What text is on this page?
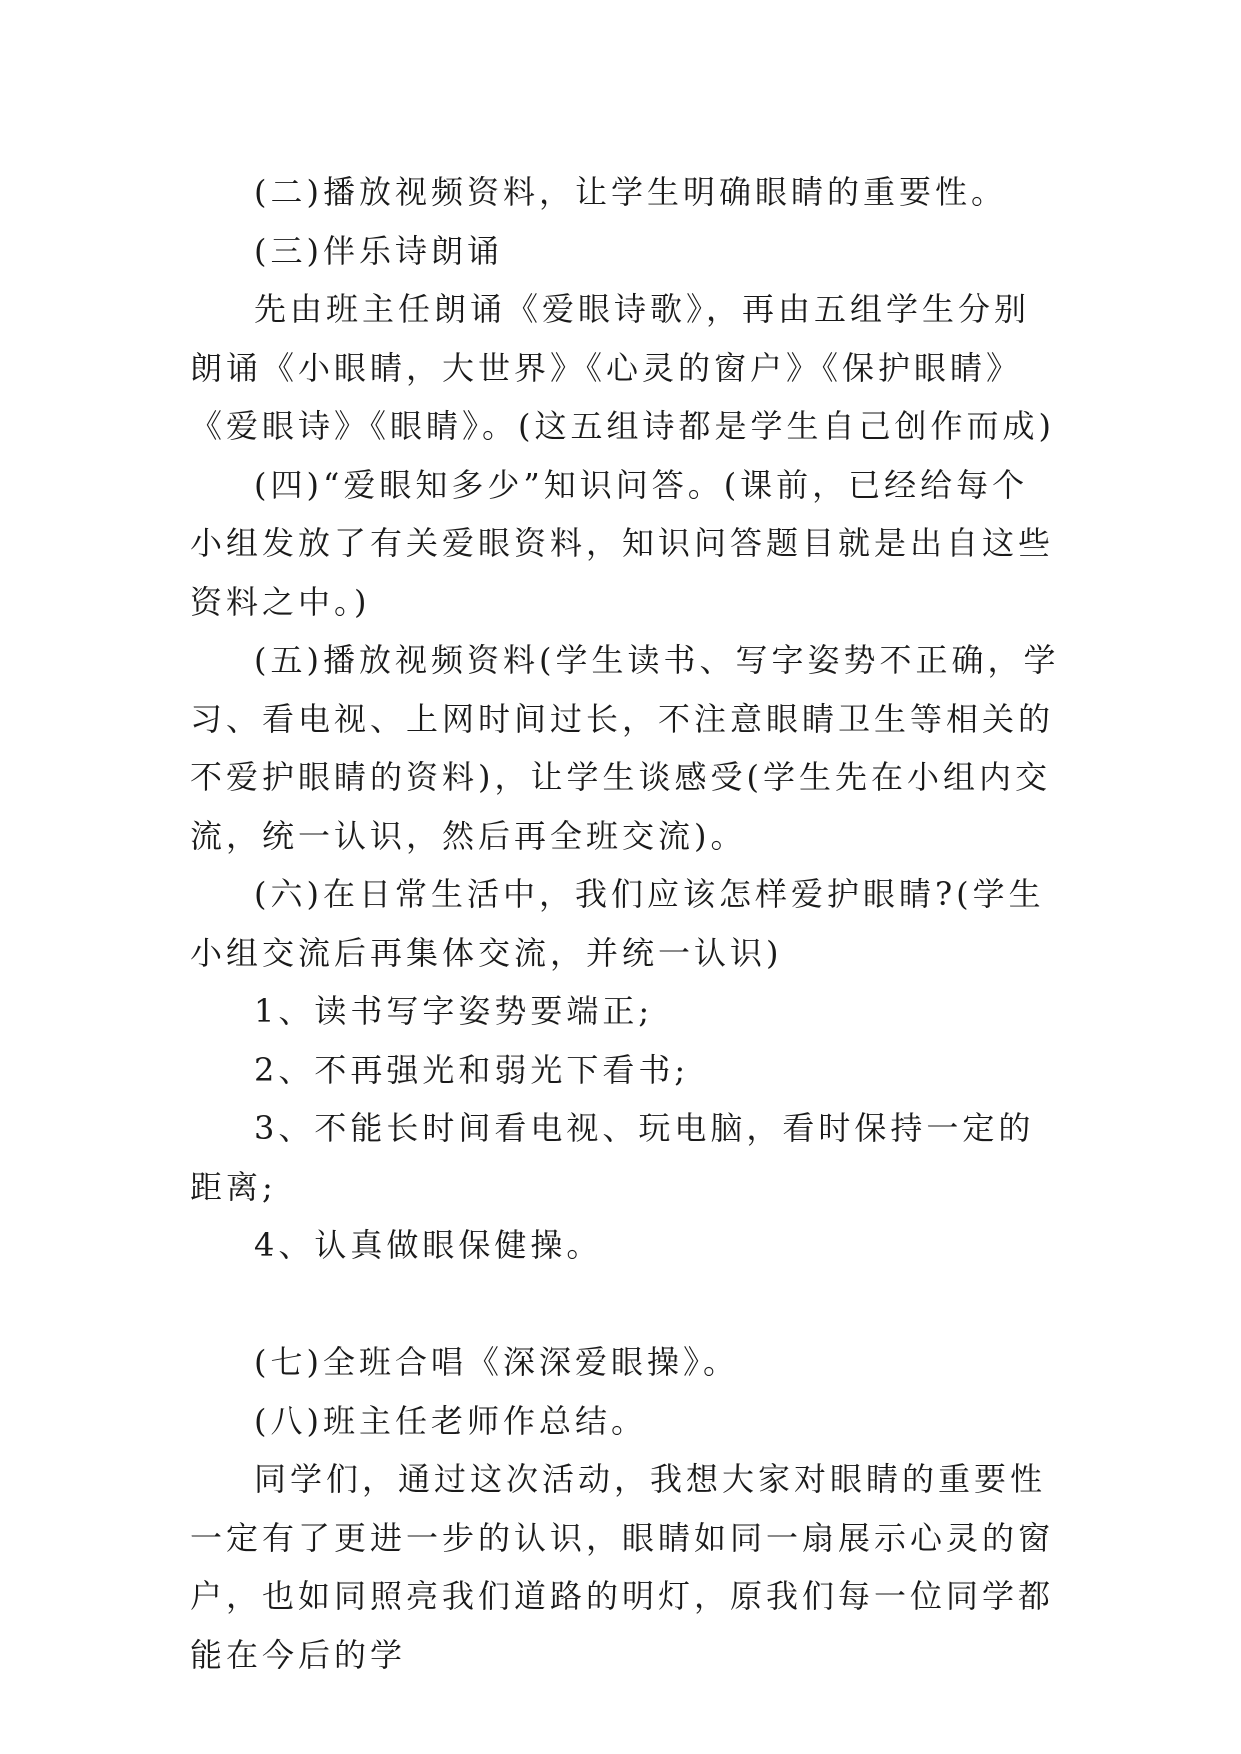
(二)播放视频资料，让学生明确眼睛的重要性。

(三)伴乐诗朗诵

先由班主任朗诵《爱眼诗歌》，再由五组学生分别朗诵《小眼睛，大世界》《心灵的窗户》《保护眼睛》《爱眼诗》《眼睛》。(这五组诗都是学生自己创作而成)

(四)“爱眼知多少”知识问答。(课前，已经给每个小组发放了有关爱眼资料，知识问答题目就是出自这些资料之中。)

(五)播放视频资料(学生读书、写字姿势不正确，学习、看电视、上网时间过长，不注意眼睛卫生等相关的不爱护眼睛的资料)，让学生谈感受(学生先在小组内交流，统一认识，然后再全班交流)。

(六)在日常生活中，我们应该怎样爱护眼睛?(学生小组交流后再集体交流，并统一认识)

1、读书写字姿势要端正;

2、不再强光和弱光下看书;

3、不能长时间看电视、玩电脑，看时保持一定的距离;

4、认真做眼保健操。

(七)全班合唱《深深爱眼操》。

(八)班主任老师作总结。

同学们，通过这次活动，我想大家对眼睛的重要性一定有了更进一步的认识，眼睛如同一扇展示心灵的窗户，也如同照亮我们道路的明灯，原我们每一位同学都能在今后的学
